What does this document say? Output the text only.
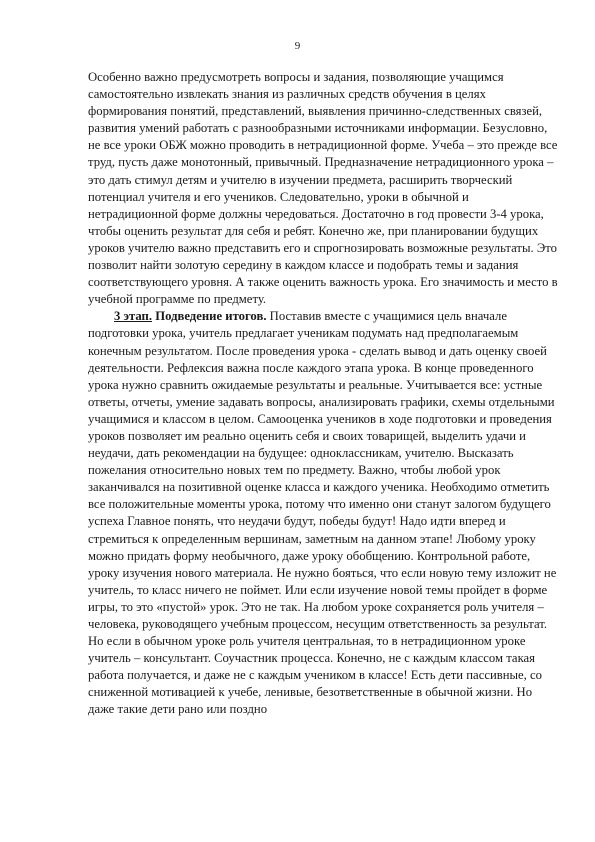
9

Особенно важно предусмотреть вопросы и задания, позволяющие учащимся самостоятельно извлекать знания из различных средств обучения в целях формирования понятий, представлений, выявления причинно-следственных связей, развития умений работать с разнообразными источниками информации. Безусловно, не все уроки ОБЖ можно проводить в нетрадиционной форме. Учеба – это прежде все труд, пусть даже монотонный, привычный. Предназначение нетрадиционного урока – это дать стимул детям и учителю в изучении предмета, расширить творческий потенциал учителя и его учеников. Следовательно, уроки в обычной и нетрадиционной форме должны чередоваться. Достаточно в год провести 3-4 урока, чтобы оценить результат для себя и ребят. Конечно же, при планировании будущих уроков учителю важно представить его и спрогнозировать возможные результаты. Это позволит найти золотую середину в каждом классе и подобрать темы и задания соответствующего уровня. А также оценить важность урока. Его значимость и место в учебной программе по предмету.

3 этап. Подведение итогов. Поставив вместе с учащимися цель вначале подготовки урока, учитель предлагает ученикам подумать над предполагаемым конечным результатом. После проведения урока - сделать вывод и дать оценку своей деятельности. Рефлексия важна после каждого этапа урока. В конце проведенного урока нужно сравнить ожидаемые результаты и реальные. Учитывается все: устные ответы, отчеты, умение задавать вопросы, анализировать графики, схемы отдельными учащимися и классом в целом. Самооценка учеников в ходе подготовки и проведения уроков позволяет им реально оценить себя и своих товарищей, выделить удачи и неудачи, дать рекомендации на будущее: одноклассникам, учителю. Высказать пожелания относительно новых тем по предмету. Важно, чтобы любой урок заканчивался на позитивной оценке класса и каждого ученика. Необходимо отметить все положительные моменты урока, потому что именно они станут залогом будущего успеха Главное понять, что неудачи будут, победы будут! Надо идти вперед и стремиться к определенным вершинам, заметным на данном этапе! Любому уроку можно придать форму необычного, даже уроку обобщению. Контрольной работе, уроку изучения нового материала. Не нужно бояться, что если новую тему изложит не учитель, то класс ничего не поймет. Или если изучение новой темы пройдет в форме игры, то это «пустой» урок. Это не так. На любом уроке сохраняется роль учителя – человека, руководящего учебным процессом, несущим ответственность за результат. Но если в обычном уроке роль учителя центральная, то в нетрадиционном уроке учитель – консультант. Соучастник процесса. Конечно, не с каждым классом такая работа получается, и даже не с каждым учеником в классе! Есть дети пассивные, со сниженной мотивацией к учебе, ленивые, безответственные в обычной жизни. Но даже такие дети рано или поздно
